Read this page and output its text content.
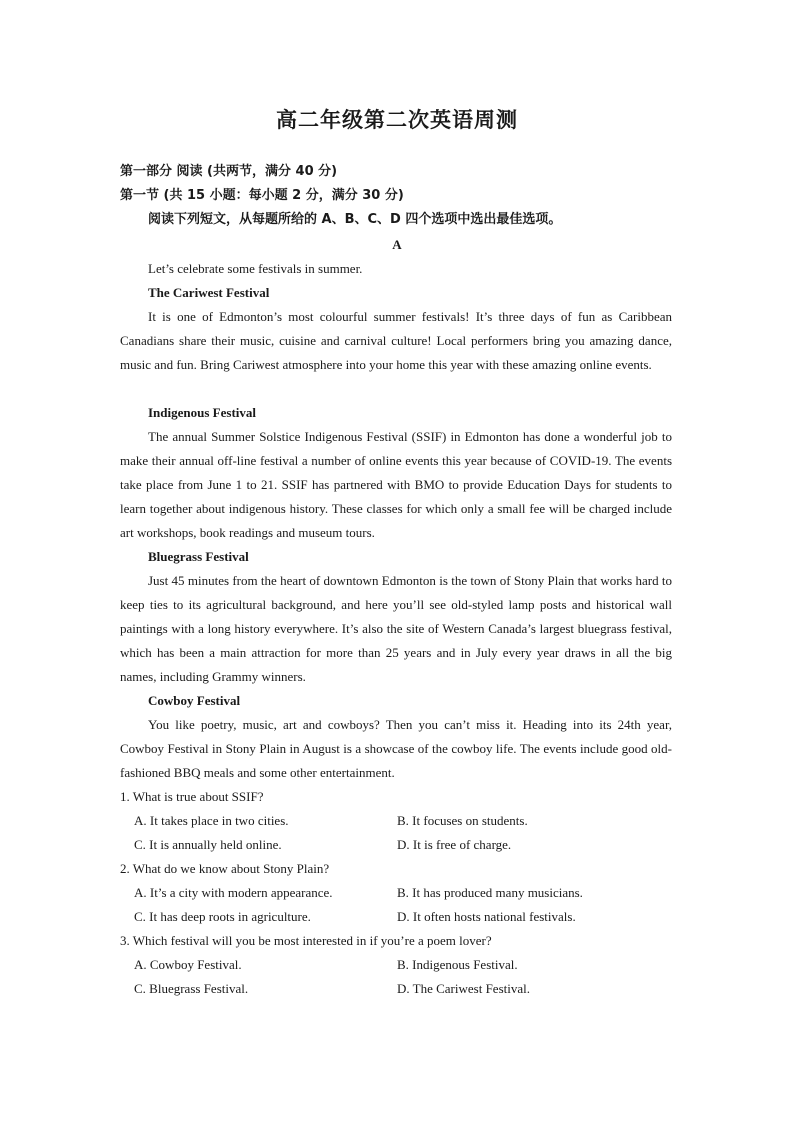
高二年级第二次英语周测
第一部分 阅读 (共两节，满分 40 分)
第一节 (共 15 小题：每小题 2 分，满分 30 分)
阅读下列短文，从每题所给的 A、B、C、D 四个选项中选出最佳选项。
A
Let’s celebrate some festivals in summer.
The Cariwest Festival
It is one of Edmonton’s most colourful summer festivals! It’s three days of fun as Caribbean Canadians share their music, cuisine and carnival culture! Local performers bring you amazing dance, music and fun. Bring Cariwest atmosphere into your home this year with these amazing online events.
Indigenous Festival
The annual Summer Solstice Indigenous Festival (SSIF) in Edmonton has done a wonderful job to make their annual off-line festival a number of online events this year because of COVID-19. The events take place from June 1 to 21. SSIF has partnered with BMO to provide Education Days for students to learn together about indigenous history. These classes for which only a small fee will be charged include art workshops, book readings and museum tours.
Bluegrass Festival
Just 45 minutes from the heart of downtown Edmonton is the town of Stony Plain that works hard to keep ties to its agricultural background, and here you’ll see old-styled lamp posts and historical wall paintings with a long history everywhere. It’s also the site of Western Canada’s largest bluegrass festival, which has been a main attraction for more than 25 years and in July every year draws in all the big names, including Grammy winners.
Cowboy Festival
You like poetry, music, art and cowboys? Then you can’t miss it. Heading into its 24th year, Cowboy Festival in Stony Plain in August is a showcase of the cowboy life. The events include good old-fashioned BBQ meals and some other entertainment.
1. What is true about SSIF?
A. It takes place in two cities.	B. It focuses on students.
C. It is annually held online.	D. It is free of charge.
2. What do we know about Stony Plain?
A. It’s a city with modern appearance.	B. It has produced many musicians.
C. It has deep roots in agriculture.	D. It often hosts national festivals.
3. Which festival will you be most interested in if you’re a poem lover?
A. Cowboy Festival.	B. Indigenous Festival.
C. Bluegrass Festival.	D. The Cariwest Festival.
